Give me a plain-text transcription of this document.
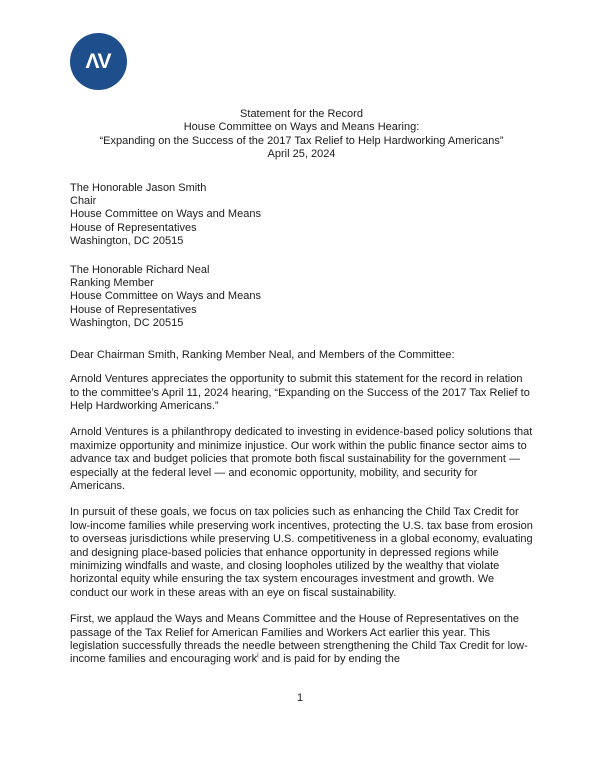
ΛV
Statement for the Record
House Committee on Ways and Means Hearing:
“Expanding on the Success of the 2017 Tax Relief to Help Hardworking Americans”
April 25, 2024
The Honorable Jason Smith
Chair
House Committee on Ways and Means
House of Representatives
Washington, DC 20515
The Honorable Richard Neal
Ranking Member
House Committee on Ways and Means
House of Representatives
Washington, DC 20515
Dear Chairman Smith, Ranking Member Neal, and Members of the Committee:

Arnold Ventures appreciates the opportunity to submit this statement for the record in relation to the committee’s April 11, 2024 hearing, “Expanding on the Success of the 2017 Tax Relief to Help Hardworking Americans.”

Arnold Ventures is a philanthropy dedicated to investing in evidence-based policy solutions that maximize opportunity and minimize injustice. Our work within the public finance sector aims to advance tax and budget policies that promote both fiscal sustainability for the government — especially at the federal level — and economic opportunity, mobility, and security for Americans.

In pursuit of these goals, we focus on tax policies such as enhancing the Child Tax Credit for low-income families while preserving work incentives, protecting the U.S. tax base from erosion to overseas jurisdictions while preserving U.S. competitiveness in a global economy, evaluating and designing place-based policies that enhance opportunity in depressed regions while minimizing windfalls and waste, and closing loopholes utilized by the wealthy that violate horizontal equity while ensuring the tax system encourages investment and growth. We conduct our work in these areas with an eye on fiscal sustainability.

First, we applaud the Ways and Means Committee and the House of Representatives on the passage of the Tax Relief for American Families and Workers Act earlier this year. This legislation successfully threads the needle between strengthening the Child Tax Credit for low-income families and encouraging work$^i$ and is paid for by ending the

1
